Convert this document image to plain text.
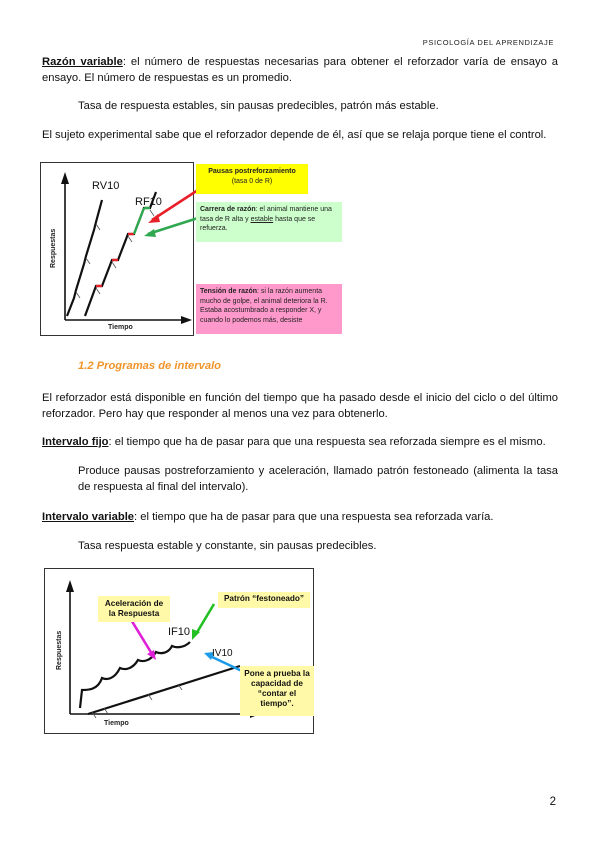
PSICOLOGÍA DEL APRENDIZAJE
Razón variable: el número de respuestas necesarias para obtener el reforzador varía de ensayo a ensayo. El número de respuestas es un promedio.
Tasa de respuesta estables, sin pausas predecibles, patrón más estable.
El sujeto experimental sabe que el reforzador depende de él, así que se relaja porque tiene el control.
RV10
RF10
Respuestas
Tiempo
Pausas postreforzamiento
(tasa 0 de R)
Carrera de razón: el animal mantiene una tasa de R alta y estable hasta que se refuerza.
Tensión de razón: si la razón aumenta mucho de golpe, el animal deteriora la R. Estaba acostumbrado a responder X, y cuando lo podemos más, desiste
1.2 Programas de intervalo
El reforzador está disponible en función del tiempo que ha pasado desde el inicio del ciclo o del último reforzador. Pero hay que responder al menos una vez para obtenerlo.
Intervalo fijo: el tiempo que ha de pasar para que una respuesta sea reforzada siempre es el mismo.
Produce pausas postreforzamiento y aceleración, llamado patrón festoneado (alimenta la tasa de respuesta al final del intervalo).
Intervalo variable: el tiempo que ha de pasar para que una respuesta sea reforzada varía.
Tasa respuesta estable y constante, sin pausas predecibles.
IF10
IV10
Respuestas
Tiempo
Aceleración de la Respuesta
Patrón “festoneado”
Pone a prueba la capacidad de “contar el tiempo”.
2
